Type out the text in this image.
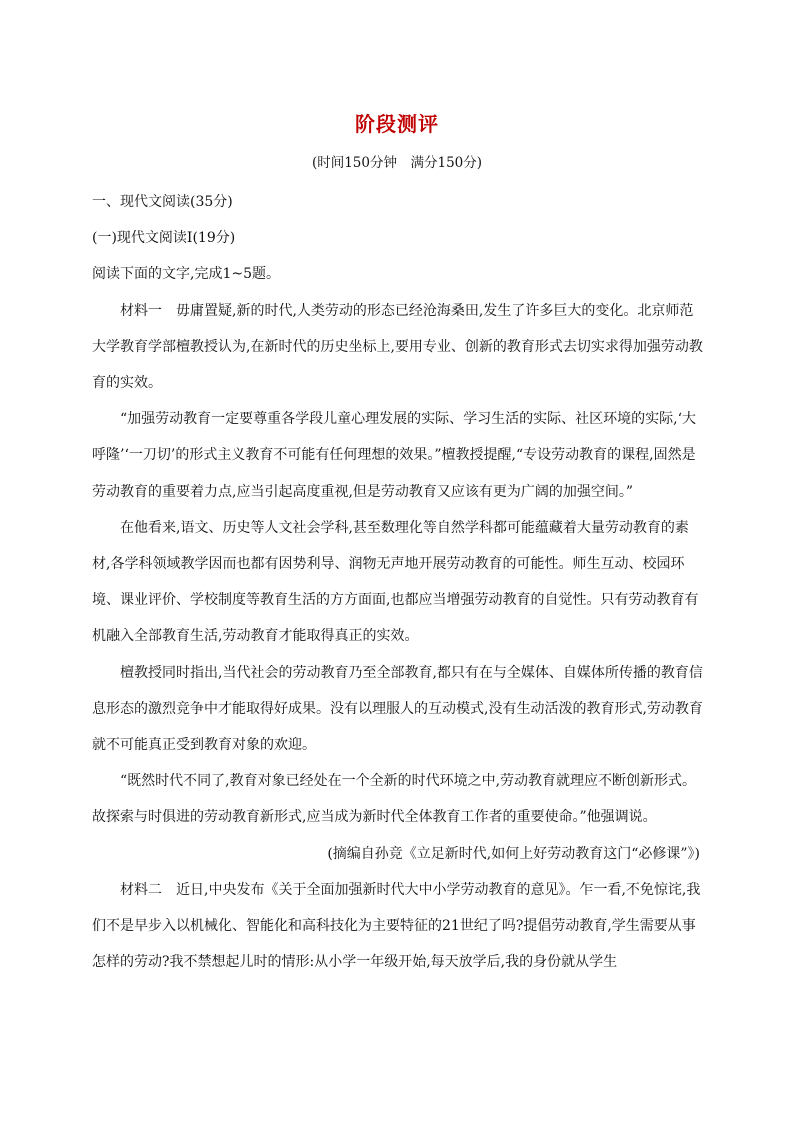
阶段测评
(时间150分钟　满分150分)

一、现代文阅读(35分)

(一)现代文阅读Ⅰ(19分)

阅读下面的文字,完成1~5题。

材料一　毋庸置疑,新的时代,人类劳动的形态已经沧海桑田,发生了许多巨大的变化。北京师范大学教育学部檀教授认为,在新时代的历史坐标上,要用专业、创新的教育形式去切实求得加强劳动教育的实效。

“加强劳动教育一定要尊重各学段儿童心理发展的实际、学习生活的实际、社区环境的实际,‘大呼隆’‘一刀切’的形式主义教育不可能有任何理想的效果。”檀教授提醒,“专设劳动教育的课程,固然是劳动教育的重要着力点,应当引起高度重视,但是劳动教育又应该有更为广阔的加强空间。”

在他看来,语文、历史等人文社会学科,甚至数理化等自然学科都可能蕴藏着大量劳动教育的素材,各学科领域教学因而也都有因势利导、润物无声地开展劳动教育的可能性。师生互动、校园环境、课业评价、学校制度等教育生活的方方面面,也都应当增强劳动教育的自觉性。只有劳动教育有机融入全部教育生活,劳动教育才能取得真正的实效。

檀教授同时指出,当代社会的劳动教育乃至全部教育,都只有在与全媒体、自媒体所传播的教育信息形态的激烈竞争中才能取得好成果。没有以理服人的互动模式,没有生动活泼的教育形式,劳动教育就不可能真正受到教育对象的欢迎。

“既然时代不同了,教育对象已经处在一个全新的时代环境之中,劳动教育就理应不断创新形式。故探索与时俱进的劳动教育新形式,应当成为新时代全体教育工作者的重要使命。”他强调说。

(摘编自孙竞《立足新时代,如何上好劳动教育这门“必修课”》)

材料二　近日,中央发布《关于全面加强新时代大中小学劳动教育的意见》。乍一看,不免惊诧,我们不是早步入以机械化、智能化和高科技化为主要特征的21世纪了吗?提倡劳动教育,学生需要从事怎样的劳动?我不禁想起儿时的情形:从小学一年级开始,每天放学后,我的身份就从学生
